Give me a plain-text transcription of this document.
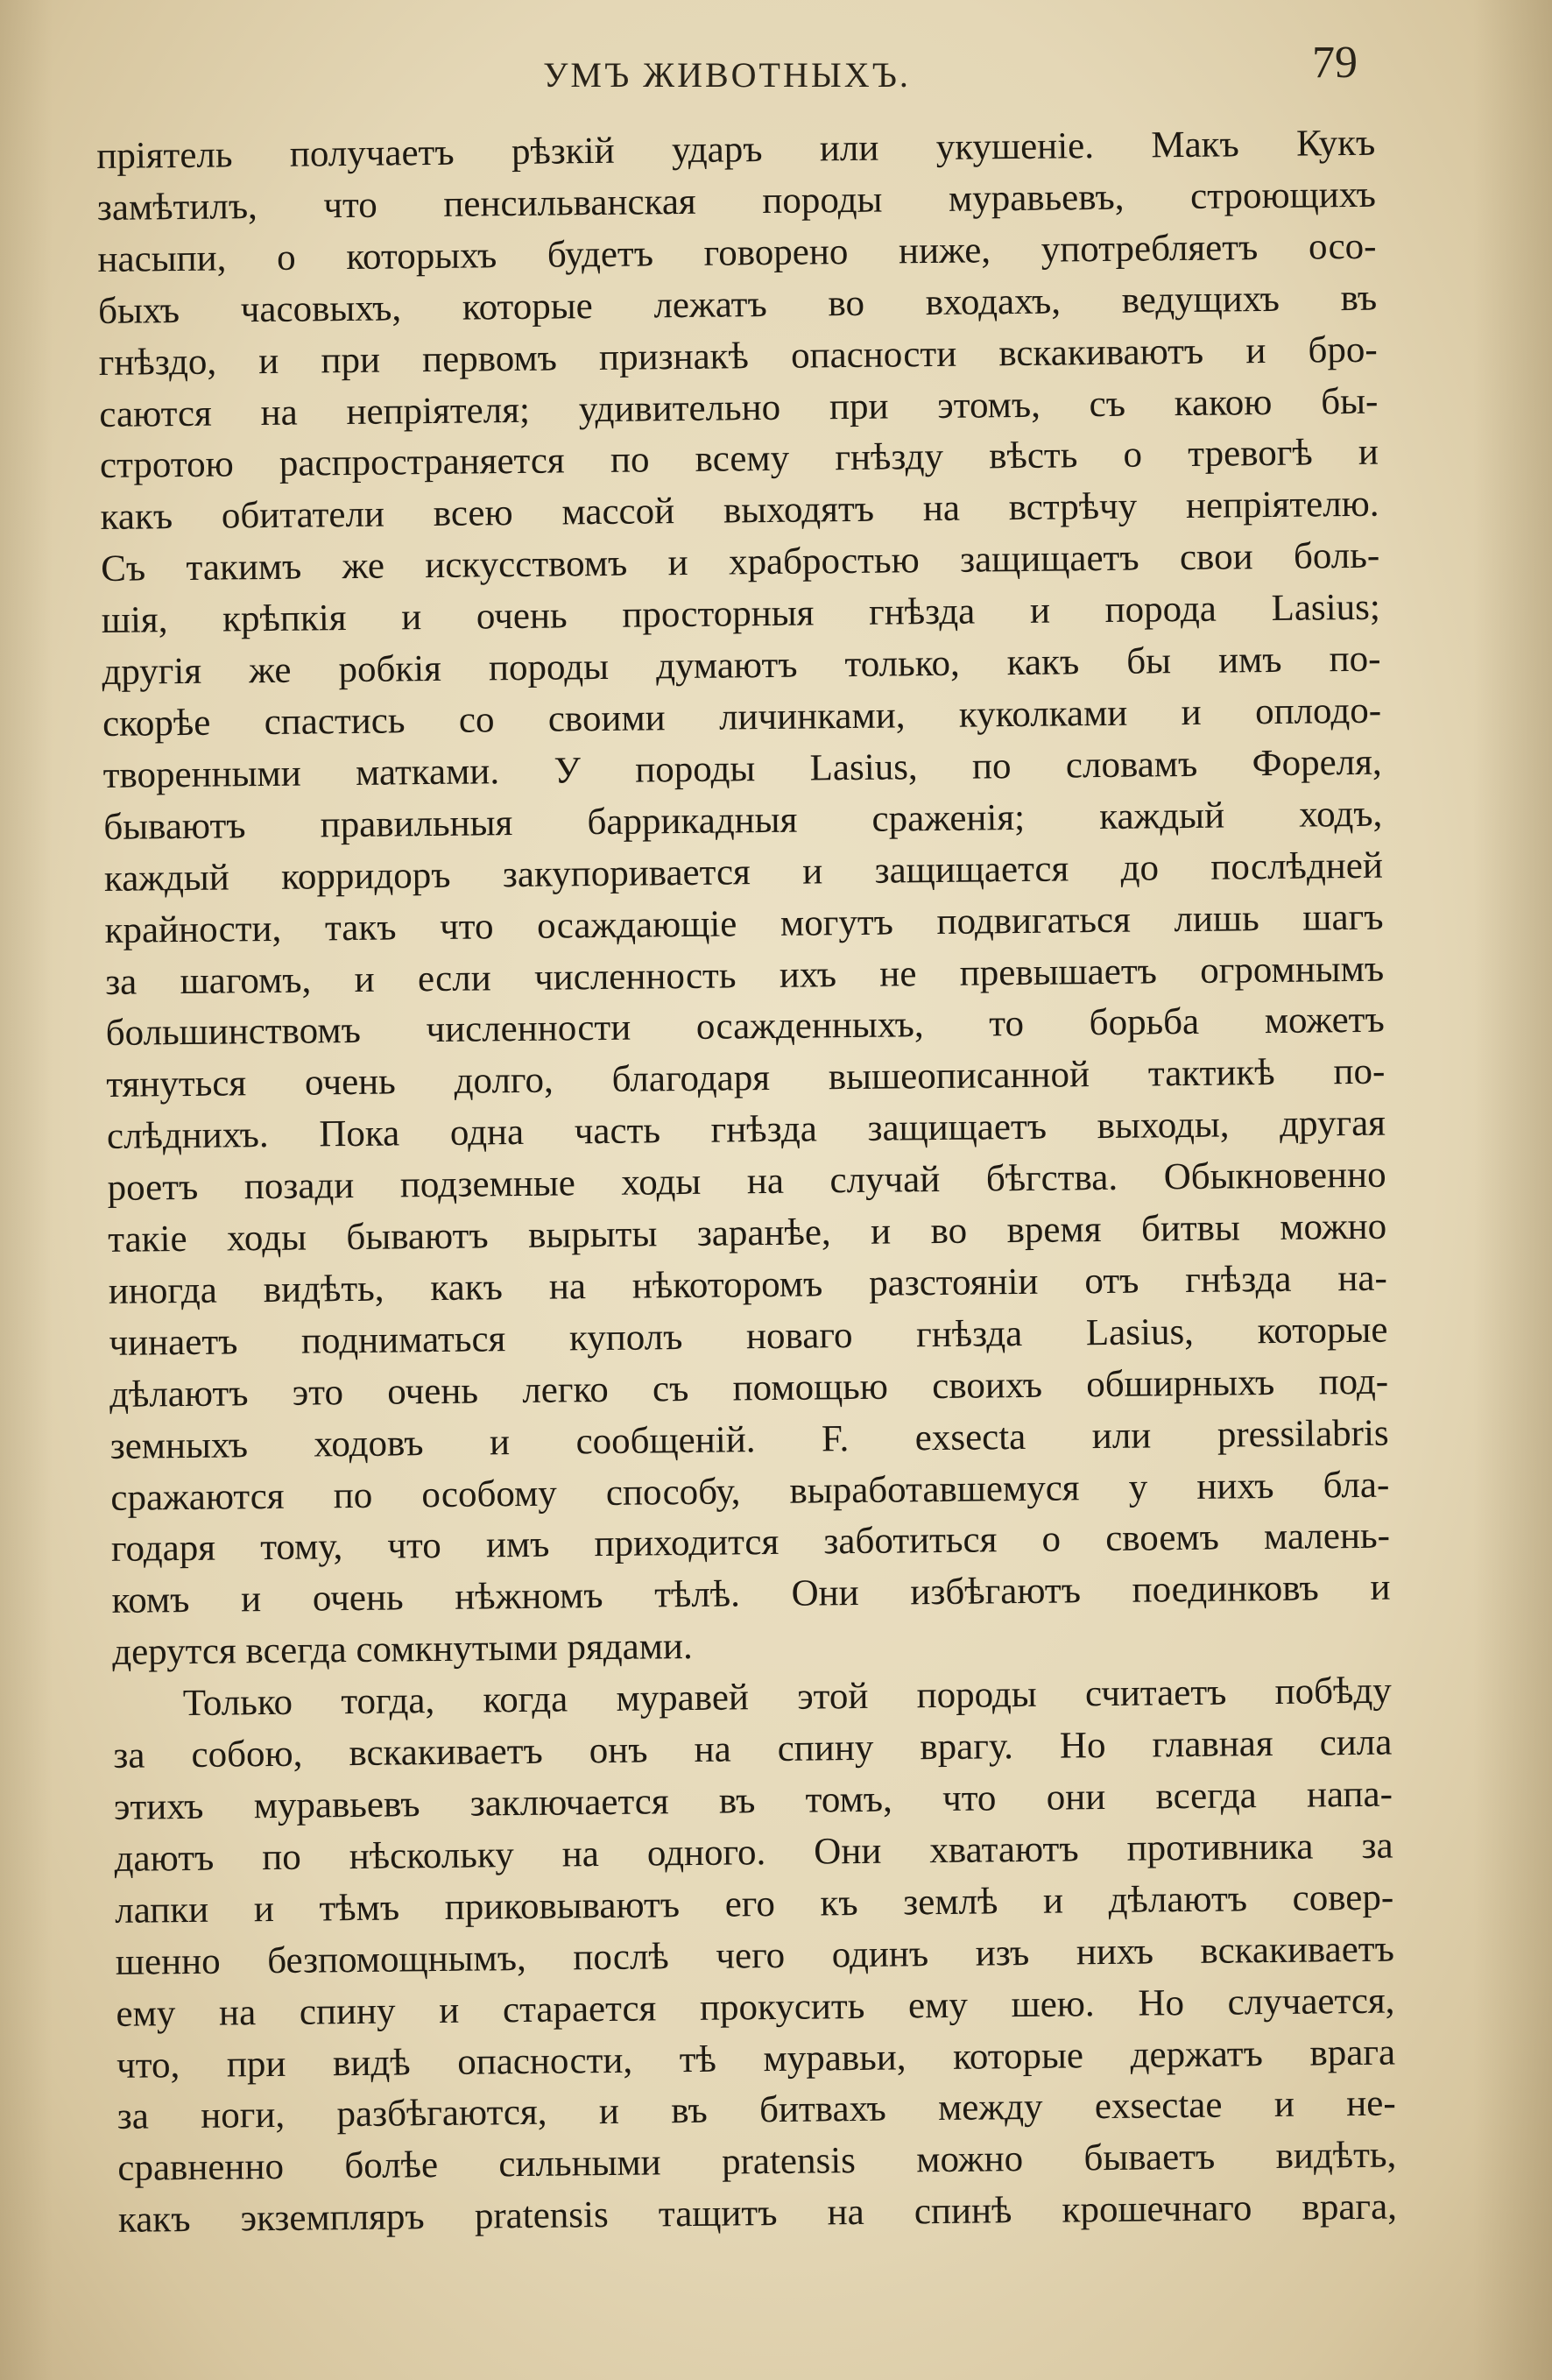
УМЪ ЖИВОТНЫХЪ.	79
пріятель получаетъ рѣзкій ударъ или укушеніе. Макъ Кукъ
замѣтилъ, что пенсильванская породы муравьевъ, строющихъ
насыпи, о которыхъ будетъ говорено ниже, употребляетъ осо-
быхъ часовыхъ, которые лежатъ во входахъ, ведущихъ въ
гнѣздо, и при первомъ признакѣ опасности вскакиваютъ и бро-
саются на непріятеля; удивительно при этомъ, съ какою бы-
стротою распространяется по всему гнѣзду вѣсть о тревогѣ и
какъ обитатели всею массой выходятъ на встрѣчу непріятелю.
Съ такимъ же искусствомъ и храбростью защищаетъ свои боль-
шія, крѣпкія и очень просторныя гнѣзда и порода Lasius;
другія же робкія породы думаютъ только, какъ бы имъ по-
скорѣе спастись со своими личинками, куколками и оплодо-
творенными матками. У породы Lasius, по словамъ Фореля,
бываютъ правильныя баррикадныя сраженія; каждый ходъ,
каждый корридоръ закупоривается и защищается до послѣдней
крайности, такъ что осаждающіе могутъ подвигаться лишь шагъ
за шагомъ, и если численность ихъ не превышаетъ огромнымъ
большинствомъ численности осажденныхъ, то борьба можетъ
тянуться очень долго, благодаря вышеописанной тактикѣ по-
слѣднихъ. Пока одна часть гнѣзда защищаетъ выходы, другая
роетъ позади подземные ходы на случай бѣгства. Обыкновенно
такіе ходы бываютъ вырыты заранѣе, и во время битвы можно
иногда видѣть, какъ на нѣкоторомъ разстояніи отъ гнѣзда на-
чинаетъ подниматься куполъ новаго гнѣзда Lasius, которые
дѣлаютъ это очень легко съ помощью своихъ обширныхъ под-
земныхъ ходовъ и сообщеній. F. exsecta или pressilabris
сражаются по особому способу, выработавшемуся у нихъ бла-
годаря тому, что имъ приходится заботиться о своемъ малень-
комъ и очень нѣжномъ тѣлѣ. Они избѣгаютъ поединковъ и
дерутся всегда сомкнутыми рядами.
Только тогда, когда муравей этой породы считаетъ побѣду
за собою, вскакиваетъ онъ на спину врагу. Но главная сила
этихъ муравьевъ заключается въ томъ, что они всегда напа-
даютъ по нѣскольку на одного. Они хватаютъ противника за
лапки и тѣмъ приковываютъ его къ землѣ и дѣлаютъ совер-
шенно безпомощнымъ, послѣ чего одинъ изъ нихъ вскакиваетъ
ему на спину и старается прокусить ему шею. Но случается,
что, при видѣ опасности, тѣ муравьи, которые держатъ врага
за ноги, разбѣгаются, и въ битвахъ между exsectae и не-
сравненно болѣе сильными pratensis можно бываетъ видѣть,
какъ экземпляръ pratensis тащитъ на спинѣ крошечнаго врага,
